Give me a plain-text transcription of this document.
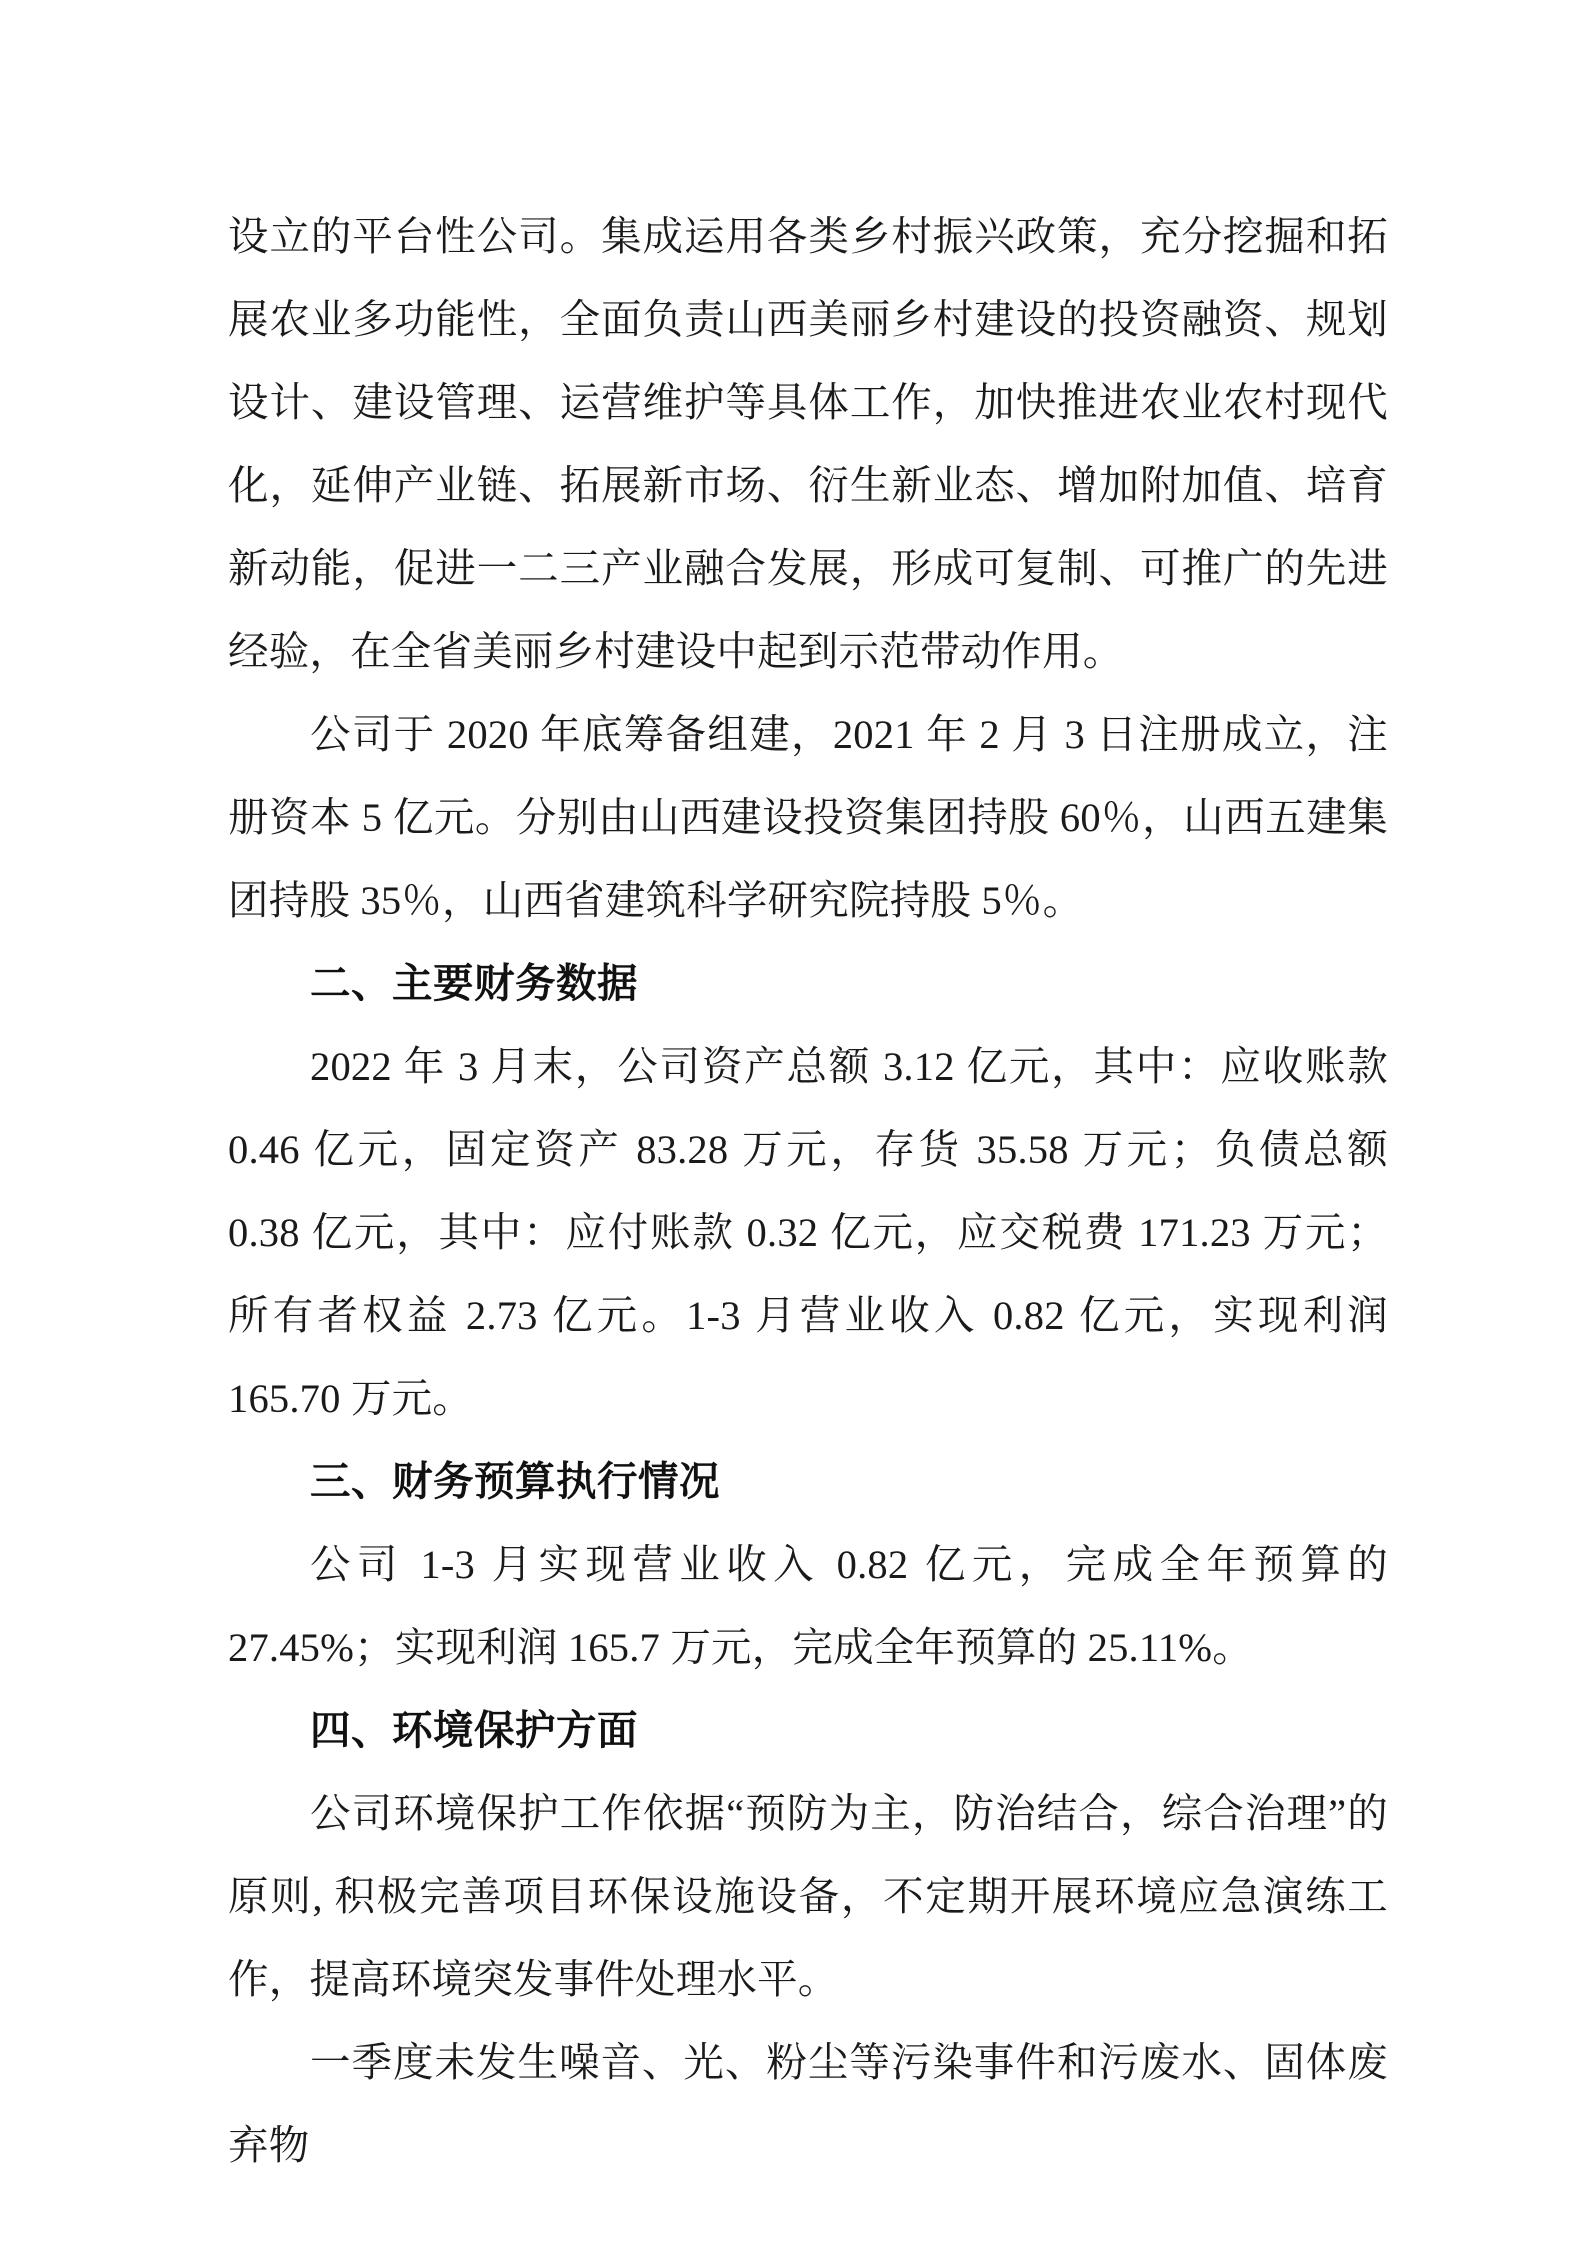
设立的平台性公司。集成运用各类乡村振兴政策，充分挖掘和拓展农业多功能性，全面负责山西美丽乡村建设的投资融资、规划设计、建设管理、运营维护等具体工作，加快推进农业农村现代化，延伸产业链、拓展新市场、衍生新业态、增加附加值、培育新动能，促进一二三产业融合发展，形成可复制、可推广的先进经验，在全省美丽乡村建设中起到示范带动作用。

公司于 2020 年底筹备组建，2021 年 2 月 3 日注册成立，注册资本 5 亿元。分别由山西建设投资集团持股 60％，山西五建集团持股 35％，山西省建筑科学研究院持股 5％。

二、主要财务数据

2022 年 3 月末，公司资产总额 3.12 亿元，其中：应收账款 0.46 亿元，固定资产 83.28 万元，存货 35.58 万元；负债总额 0.38 亿元，其中：应付账款 0.32 亿元，应交税费 171.23 万元；所有者权益 2.73 亿元。1-3 月营业收入 0.82 亿元，实现利润 165.70 万元。

三、财务预算执行情况

公司 1-3 月实现营业收入 0.82 亿元，完成全年预算的 27.45%；实现利润 165.7 万元，完成全年预算的 25.11%。

四、环境保护方面

公司环境保护工作依据“预防为主，防治结合，综合治理”的原则, 积极完善项目环保设施设备，不定期开展环境应急演练工作，提高环境突发事件处理水平。

一季度未发生噪音、光、粉尘等污染事件和污废水、固体废弃物
